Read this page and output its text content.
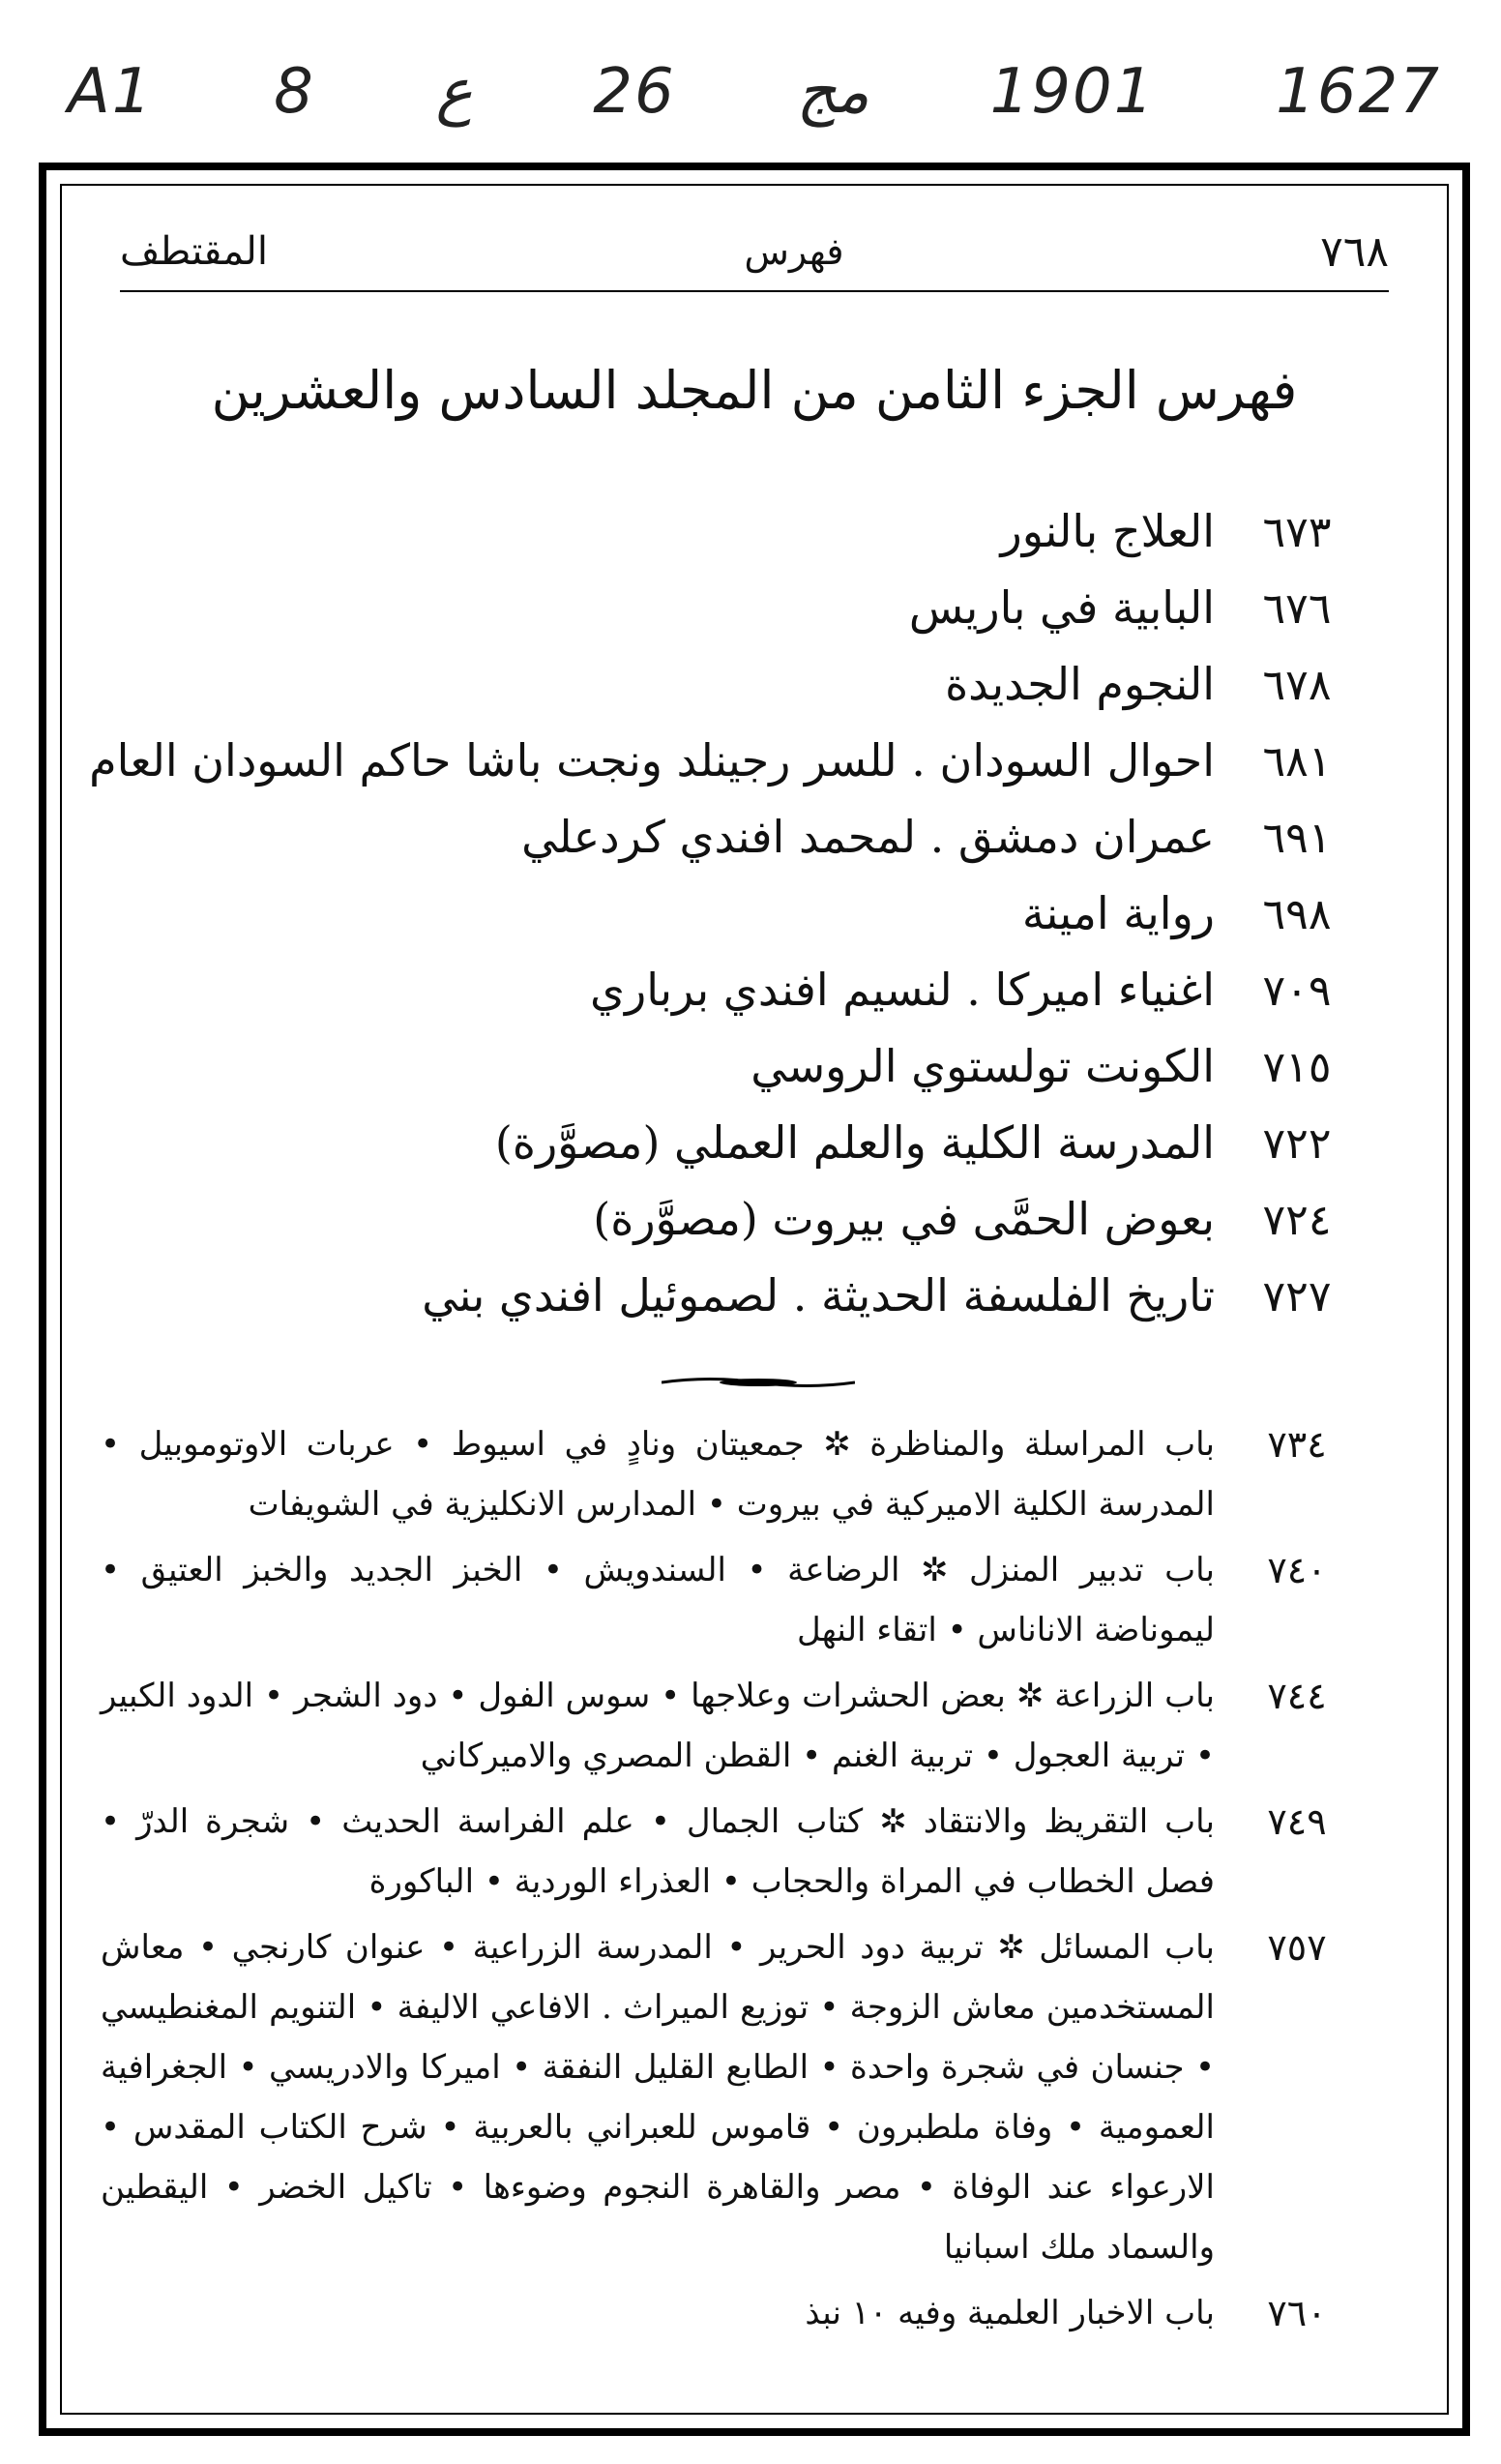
A1 8 ع 26 مج 1901 1627
٧٦٨
فهرس
المقتطف
فهرس الجزء الثامن من المجلد السادس والعشرين
٦٧٣
العلاج بالنور
٦٧٦
البابية في باريس
٦٧٨
النجوم الجديدة
٦٨١
احوال السودان . للسر رجينلد ونجت باشا حاكم السودان العام
٦٩١
عمران دمشق . لمحمد افندي كردعلي
٦٩٨
رواية امينة
٧٠٩
اغنياء اميركا . لنسيم افندي برباري
٧١٥
الكونت تولستوي الروسي
٧٢٢
المدرسة الكلية والعلم العملي (مصوَّرة)
٧٢٤
بعوض الحمَّى في بيروت (مصوَّرة)
٧٢٧
تاريخ الفلسفة الحديثة . لصموئيل افندي بني
٧٣٤
باب المراسلة والمناظرة ✲ جمعيتان ونادٍ في اسيوط • عربات الاوتوموبيل • المدرسة الكلية الاميركية في بيروت • المدارس الانكليزية في الشويفات
٧٤٠
باب تدبير المنزل ✲ الرضاعة • السندويش • الخبز الجديد والخبز العتيق • ليموناضة الاناناس • اتقاء النهل
٧٤٤
باب الزراعة ✲ بعض الحشرات وعلاجها • سوس الفول • دود الشجر • الدود الكبير • تربية العجول • تربية الغنم • القطن المصري والاميركاني
٧٤٩
باب التقريظ والانتقاد ✲ كتاب الجمال • علم الفراسة الحديث • شجرة الدرّ • فصل الخطاب في المراة والحجاب • العذراء الوردية • الباكورة
٧٥٧
باب المسائل ✲ تربية دود الحرير • المدرسة الزراعية • عنوان كارنجي • معاش المستخدمين معاش الزوجة • توزيع الميراث . الافاعي الاليفة • التنويم المغنطيسي • جنسان في شجرة واحدة • الطابع القليل النفقة • اميركا والادريسي • الجغرافية العمومية • وفاة ملطبرون • قاموس للعبراني بالعربية • شرح الكتاب المقدس • الارعواء عند الوفاة • مصر والقاهرة النجوم وضوءها • تاكيل الخضر • اليقطين والسماد ملك اسبانيا
٧٦٠
باب الاخبار العلمية وفيه ١٠ نبذ
